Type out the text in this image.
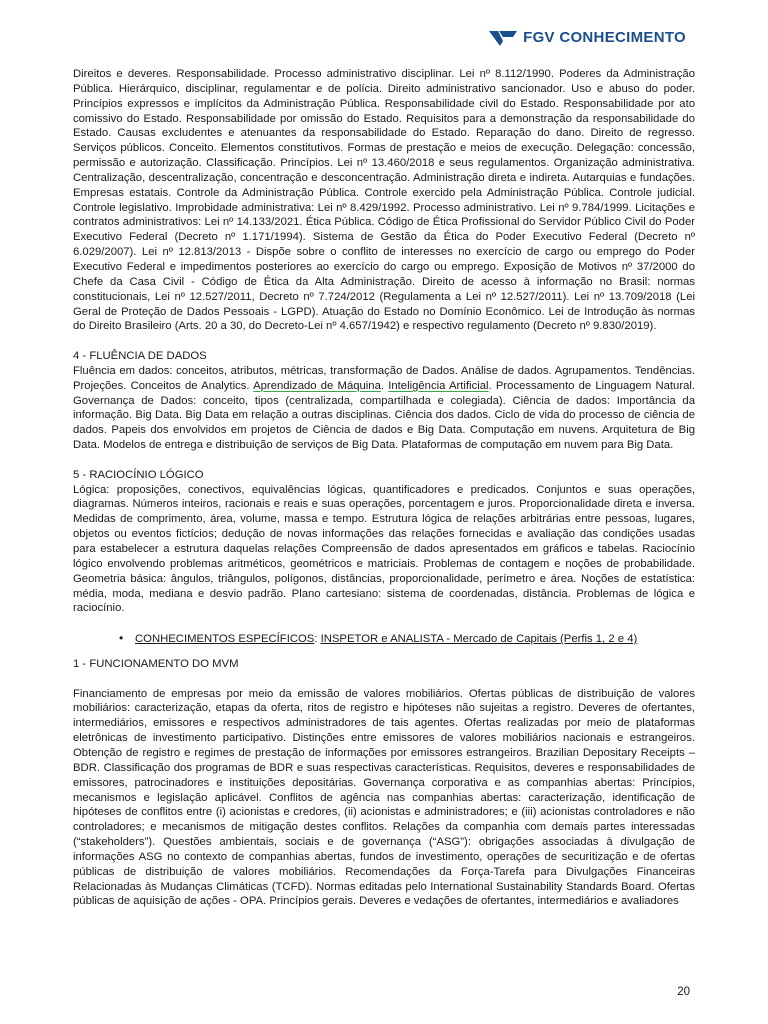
FGV CONHECIMENTO

Direitos e deveres. Responsabilidade. Processo administrativo disciplinar. Lei nº 8.112/1990. Poderes da Administração Pública. Hierárquico, disciplinar, regulamentar e de polícia. Direito administrativo sancionador. Uso e abuso do poder. Princípios expressos e implícitos da Administração Pública. Responsabilidade civil do Estado. Responsabilidade por ato comissivo do Estado. Responsabilidade por omissão do Estado. Requisitos para a demonstração da responsabilidade do Estado. Causas excludentes e atenuantes da responsabilidade do Estado. Reparação do dano. Direito de regresso. Serviços públicos. Conceito. Elementos constitutivos. Formas de prestação e meios de execução. Delegação: concessão, permissão e autorização. Classificação. Princípios. Lei nº 13.460/2018 e seus regulamentos. Organização administrativa. Centralização, descentralização, concentração e desconcentração. Administração direta e indireta. Autarquias e fundações. Empresas estatais. Controle da Administração Pública. Controle exercido pela Administração Pública. Controle judicial. Controle legislativo. Improbidade administrativa: Lei nº 8.429/1992. Processo administrativo. Lei nº 9.784/1999. Licitações e contratos administrativos: Lei nº 14.133/2021. Ética Pública. Código de Ética Profissional do Servidor Público Civil do Poder Executivo Federal (Decreto nº 1.171/1994). Sistema de Gestão da Ética do Poder Executivo Federal (Decreto nº 6.029/2007). Lei nº 12.813/2013 - Dispõe sobre o conflito de interesses no exercício de cargo ou emprego do Poder Executivo Federal e impedimentos posteriores ao exercício do cargo ou emprego. Exposição de Motivos nº 37/2000 do Chefe da Casa Civil - Código de Ética da Alta Administração. Direito de acesso à informação no Brasil: normas constitucionais, Lei nº 12.527/2011, Decreto nº 7.724/2012 (Regulamenta a Lei nº 12.527/2011). Lei nº 13.709/2018 (Lei Geral de Proteção de Dados Pessoais - LGPD). Atuação do Estado no Domínio Econômico. Lei de Introdução às normas do Direito Brasileiro (Arts. 20 a 30, do Decreto-Lei nº 4.657/1942) e respectivo regulamento (Decreto nº 9.830/2019).

4 - FLUÊNCIA DE DADOS

Fluência em dados: conceitos, atributos, métricas, transformação de Dados. Análise de dados. Agrupamentos. Tendências. Projeções. Conceitos de Analytics. Aprendizado de Máquina. Inteligência Artificial. Processamento de Linguagem Natural. Governança de Dados: conceito, tipos (centralizada, compartilhada e colegiada). Ciência de dados: Importância da informação. Big Data. Big Data em relação a outras disciplinas. Ciência dos dados. Ciclo de vida do processo de ciência de dados. Papeis dos envolvidos em projetos de Ciência de dados e Big Data. Computação em nuvens. Arquitetura de Big Data. Modelos de entrega e distribuição de serviços de Big Data. Plataformas de computação em nuvem para Big Data.

5 - RACIOCÍNIO LÓGICO

Lógica: proposições, conectivos, equivalências lógicas, quantificadores e predicados. Conjuntos e suas operações, diagramas. Números inteiros, racionais e reais e suas operações, porcentagem e juros. Proporcionalidade direta e inversa. Medidas de comprimento, área, volume, massa e tempo. Estrutura lógica de relações arbitrárias entre pessoas, lugares, objetos ou eventos fictícios; dedução de novas informações das relações fornecidas e avaliação das condições usadas para estabelecer a estrutura daquelas relações Compreensão de dados apresentados em gráficos e tabelas. Raciocínio lógico envolvendo problemas aritméticos, geométricos e matriciais. Problemas de contagem e noções de probabilidade. Geometria básica: ângulos, triângulos, polígonos, distâncias, proporcionalidade, perímetro e área. Noções de estatística: média, moda, mediana e desvio padrão. Plano cartesiano: sistema de coordenadas, distância. Problemas de lógica e raciocínio.

•	CONHECIMENTOS ESPECÍFICOS: INSPETOR e ANALISTA - Mercado de Capitais (Perfis 1, 2 e 4)

1 - FUNCIONAMENTO DO MVM

Financiamento de empresas por meio da emissão de valores mobiliários. Ofertas públicas de distribuição de valores mobiliários: caracterização, etapas da oferta, ritos de registro e hipóteses não sujeitas a registro. Deveres de ofertantes, intermediários, emissores e respectivos administradores de tais agentes. Ofertas realizadas por meio de plataformas eletrônicas de investimento participativo. Distinções entre emissores de valores mobiliários nacionais e estrangeiros. Obtenção de registro e regimes de prestação de informações por emissores estrangeiros. Brazilian Depositary Receipts – BDR. Classificação dos programas de BDR e suas respectivas características. Requisitos, deveres e responsabilidades de emissores, patrocinadores e instituições depositárias. Governança corporativa e as companhias abertas: Princípios, mecanismos e legislação aplicável. Conflitos de agência nas companhias abertas: caracterização, identificação de hipóteses de conflitos entre (i) acionistas e credores, (ii) acionistas e administradores; e (iii) acionistas controladores e não controladores; e mecanismos de mitigação destes conflitos. Relações da companhia com demais partes interessadas (“stakeholders”). Questões ambientais, sociais e de governança (“ASG”): obrigações associadas à divulgação de informações ASG no contexto de companhias abertas, fundos de investimento, operações de securitização e de ofertas públicas de distribuição de valores mobiliários. Recomendações da Força-Tarefa para Divulgações Financeiras Relacionadas às Mudanças Climáticas (TCFD). Normas editadas pelo International Sustainability Standards Board. Ofertas públicas de aquisição de ações - OPA. Princípios gerais. Deveres e vedações de ofertantes, intermediários e avaliadores

20
